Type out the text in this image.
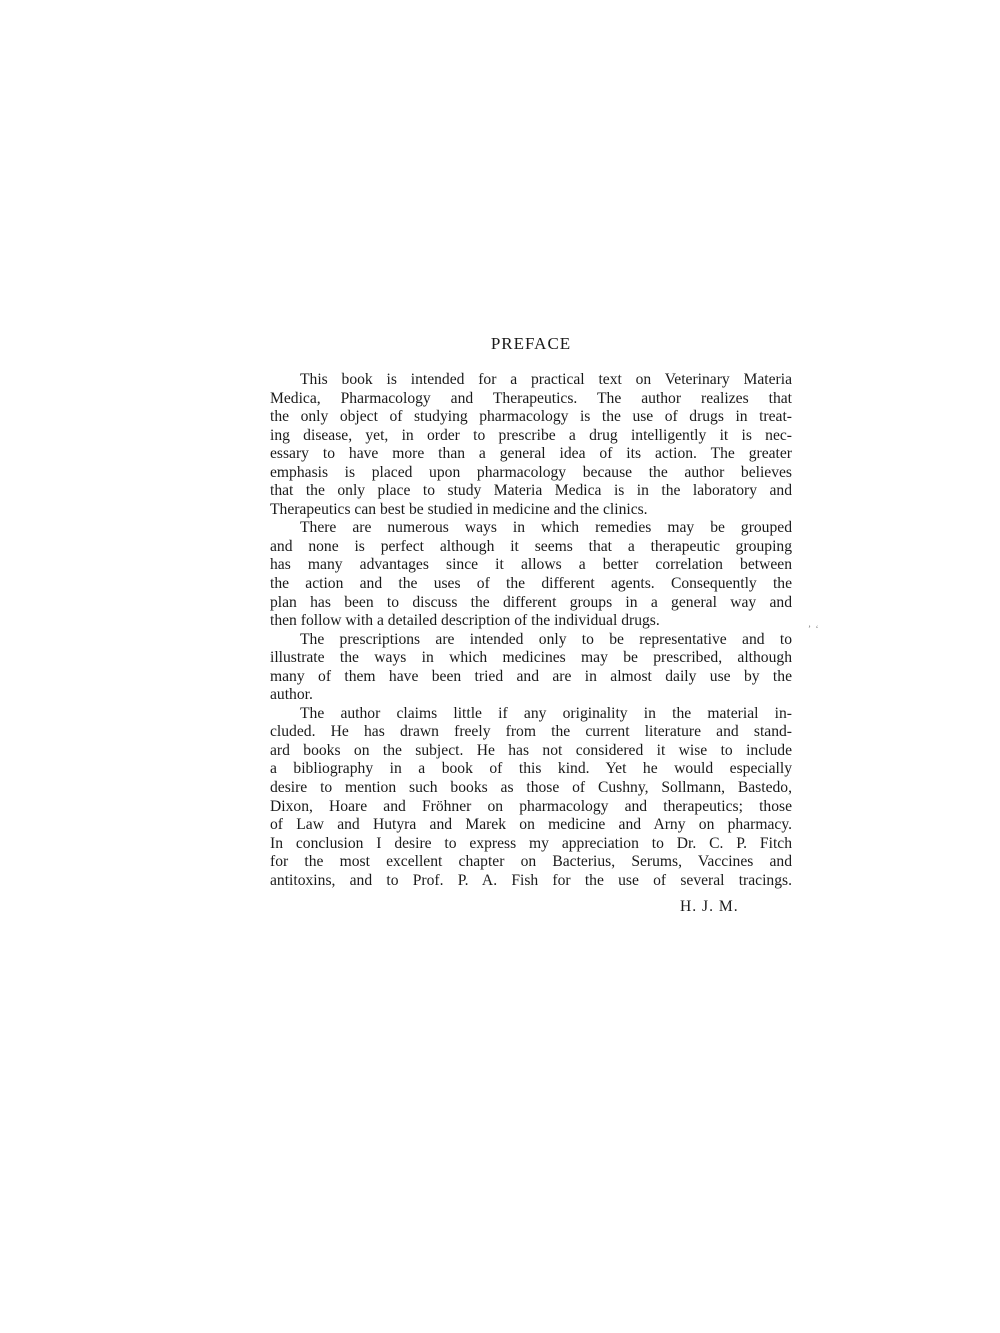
PREFACE
This book is intended for a practical text on Veterinary Materia
Medica, Pharmacology and Therapeutics. The author realizes that
the only object of studying pharmacology is the use of drugs in treat-
ing disease, yet, in order to prescribe a drug intelligently it is nec-
essary to have more than a general idea of its action. The greater
emphasis is placed upon pharmacology because the author believes
that the only place to study Materia Medica is in the laboratory and
Therapeutics can best be studied in medicine and the clinics.
There are numerous ways in which remedies may be grouped
and none is perfect although it seems that a therapeutic grouping
has many advantages since it allows a better correlation between
the action and the uses of the different agents. Consequently the
plan has been to discuss the different groups in a general way and
then follow with a detailed description of the individual drugs.
The prescriptions are intended only to be representative and to
illustrate the ways in which medicines may be prescribed, although
many of them have been tried and are in almost daily use by the
author.
The author claims little if any originality in the material in-
cluded. He has drawn freely from the current literature and stand-
ard books on the subject. He has not considered it wise to include
a bibliography in a book of this kind. Yet he would especially
desire to mention such books as those of Cushny, Sollmann, Bastedo,
Dixon, Hoare and Fröhner on pharmacology and therapeutics; those
of Law and Hutyra and Marek on medicine and Arny on pharmacy.
In conclusion I desire to express my appreciation to Dr. C. P. Fitch
for the most excellent chapter on Bacterius, Serums, Vaccines and
antitoxins, and to Prof. P. A. Fish for the use of several tracings.
H. J. M.
’  ‘
